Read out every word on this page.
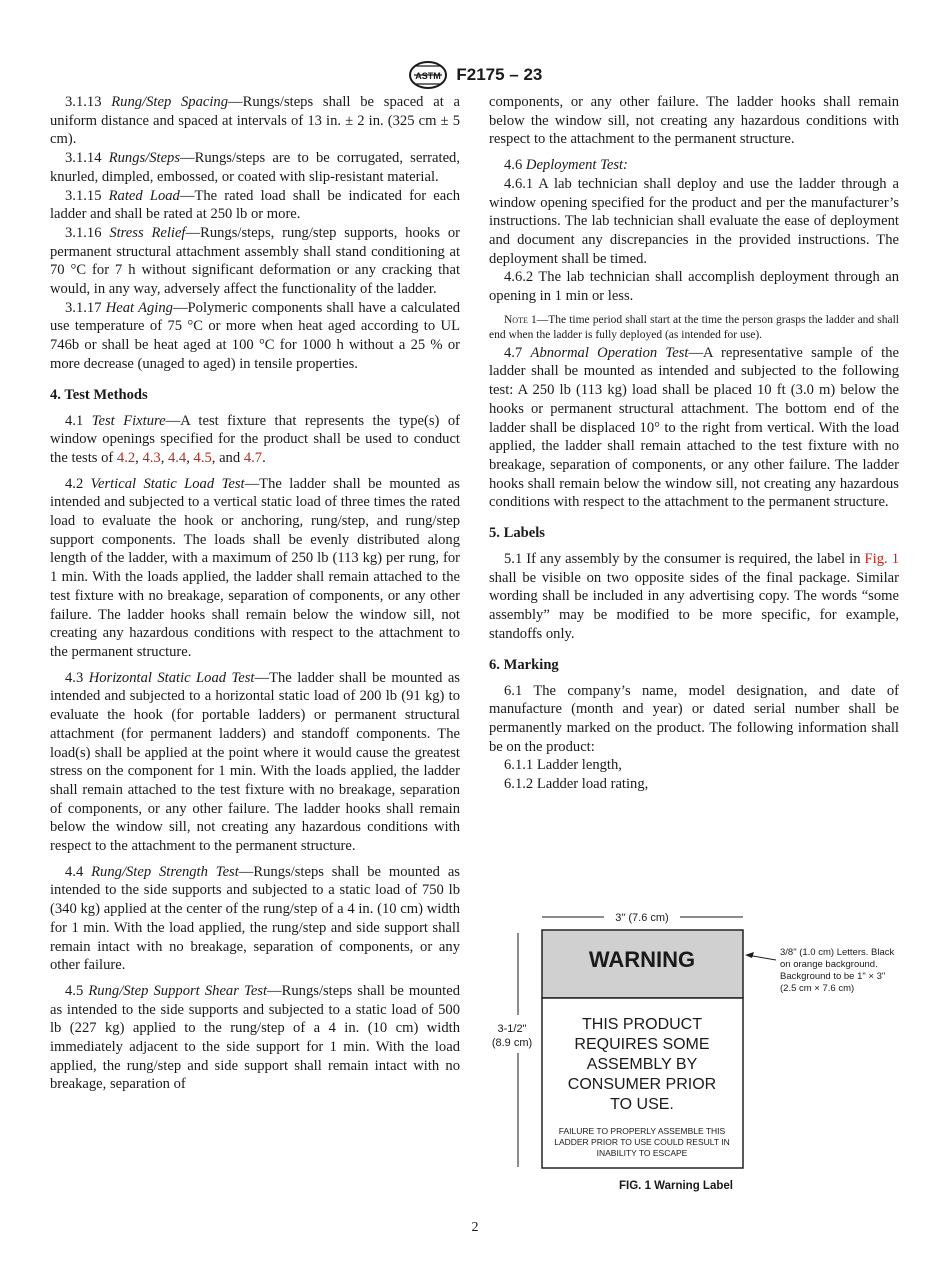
ASTM F2175 – 23

3.1.13 Rung/Step Spacing—Rungs/steps shall be spaced at a uniform distance and spaced at intervals of 13 in. ± 2 in. (325 cm ± 5 cm).

3.1.14 Rungs/Steps—Rungs/steps are to be corrugated, serrated, knurled, dimpled, embossed, or coated with slip-resistant material.

3.1.15 Rated Load—The rated load shall be indicated for each ladder and shall be rated at 250 lb or more.

3.1.16 Stress Relief—Rungs/steps, rung/step supports, hooks or permanent structural attachment assembly shall stand conditioning at 70 °C for 7 h without significant deformation or any cracking that would, in any way, adversely affect the functionality of the ladder.

3.1.17 Heat Aging—Polymeric components shall have a calculated use temperature of 75 °C or more when heat aged according to UL 746b or shall be heat aged at 100 °C for 1000 h without a 25 % or more decrease (unaged to aged) in tensile properties.

4. Test Methods

4.1 Test Fixture—A test fixture that represents the type(s) of window openings specified for the product shall be used to conduct the tests of 4.2, 4.3, 4.4, 4.5, and 4.7.

4.2 Vertical Static Load Test—The ladder shall be mounted as intended and subjected to a vertical static load of three times the rated load to evaluate the hook or anchoring, rung/step, and rung/step support components. The loads shall be evenly distributed along length of the ladder, with a maximum of 250 lb (113 kg) per rung, for 1 min. With the loads applied, the ladder shall remain attached to the test fixture with no breakage, separation of components, or any other failure. The ladder hooks shall remain below the window sill, not creating any hazardous conditions with respect to the attachment to the permanent structure.

4.3 Horizontal Static Load Test—The ladder shall be mounted as intended and subjected to a horizontal static load of 200 lb (91 kg) to evaluate the hook (for portable ladders) or permanent structural attachment (for permanent ladders) and standoff components. The load(s) shall be applied at the point where it would cause the greatest stress on the component for 1 min. With the loads applied, the ladder shall remain attached to the test fixture with no breakage, separation of components, or any other failure. The ladder hooks shall remain below the window sill, not creating any hazardous conditions with respect to the attachment to the permanent structure.

4.4 Rung/Step Strength Test—Rungs/steps shall be mounted as intended to the side supports and subjected to a static load of 750 lb (340 kg) applied at the center of the rung/step of a 4 in. (10 cm) width for 1 min. With the load applied, the rung/step and side support shall remain intact with no breakage, separation of components, or any other failure.

4.5 Rung/Step Support Shear Test—Rungs/steps shall be mounted as intended to the side supports and subjected to a static load of 500 lb (227 kg) applied to the rung/step of a 4 in. (10 cm) width immediately adjacent to the side support for 1 min. With the load applied, the rung/step and side support shall remain intact with no breakage, separation of

components, or any other failure. The ladder hooks shall remain below the window sill, not creating any hazardous conditions with respect to the attachment to the permanent structure.

4.6 Deployment Test:

4.6.1 A lab technician shall deploy and use the ladder through a window opening specified for the product and per the manufacturer’s instructions. The lab technician shall evaluate the ease of deployment and document any discrepancies in the provided instructions. The deployment shall be timed.

4.6.2 The lab technician shall accomplish deployment through an opening in 1 min or less.

Note 1—The time period shall start at the time the person grasps the ladder and shall end when the ladder is fully deployed (as intended for use).

4.7 Abnormal Operation Test—A representative sample of the ladder shall be mounted as intended and subjected to the following test: A 250 lb (113 kg) load shall be placed 10 ft (3.0 m) below the hooks or permanent structural attachment. The bottom end of the ladder shall be displaced 10° to the right from vertical. With the load applied, the ladder shall remain attached to the test fixture with no breakage, separation of components, or any other failure. The ladder hooks shall remain below the window sill, not creating any hazardous conditions with respect to the attachment to the permanent structure.

5. Labels

5.1 If any assembly by the consumer is required, the label in Fig. 1 shall be visible on two opposite sides of the final package. Similar wording shall be included in any advertising copy. The words “some assembly” may be modified to be more specific, for example, standoffs only.

6. Marking

6.1 The company’s name, model designation, and date of manufacture (month and year) or dated serial number shall be permanently marked on the product. The following information shall be on the product:

6.1.1 Ladder length,

6.1.2 Ladder load rating,

3" (7.6 cm)
3-1/2"
(8.9 cm)
WARNING
THIS PRODUCT
REQUIRES SOME
ASSEMBLY BY
CONSUMER PRIOR
TO USE.
FAILURE TO PROPERLY ASSEMBLE THIS
LADDER PRIOR TO USE COULD RESULT IN
INABILITY TO ESCAPE
3/8" (1.0 cm) Letters. Black
on orange background.
Background to be 1" × 3"
(2.5 cm × 7.6 cm)
FIG. 1 Warning Label
2
